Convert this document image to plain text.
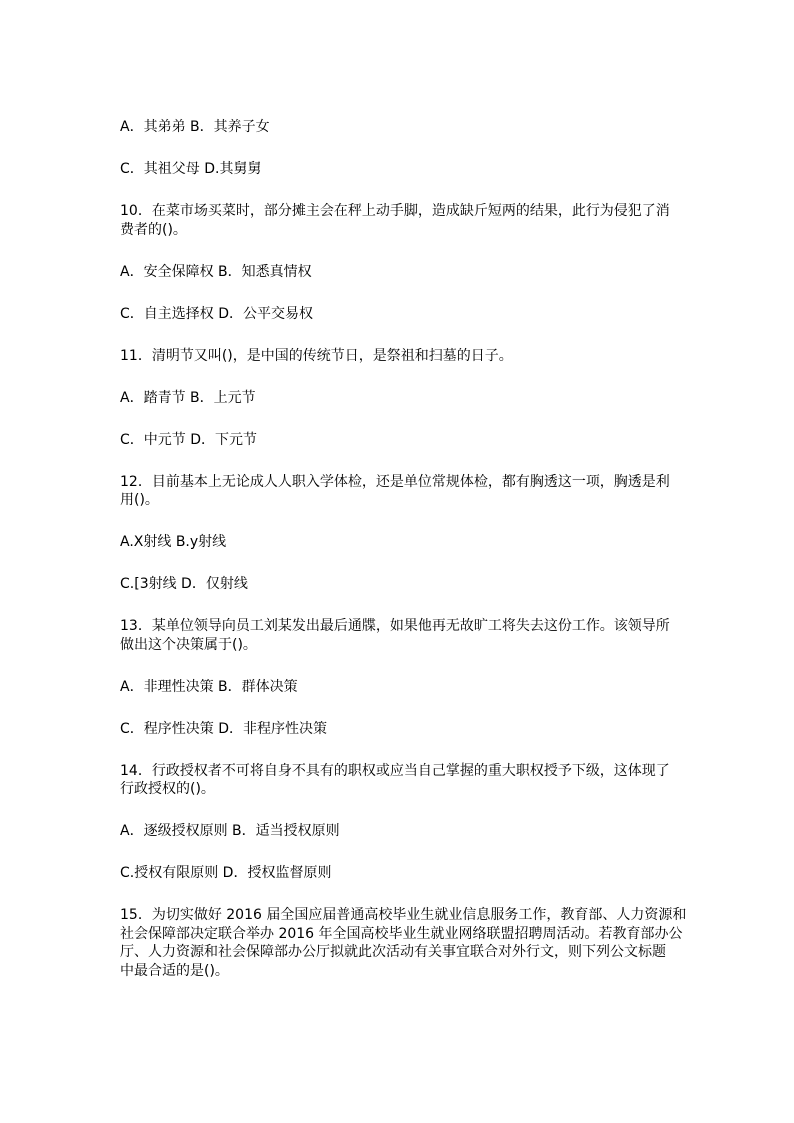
A．其弟弟 B．其养子女
C．其祖父母 D.其舅舅
10．在菜市场买菜时，部分摊主会在秤上动手脚，造成缺斤短两的结果，此行为侵犯了消
费者的()。
A．安全保障权 B．知悉真情权
C．自主选择权 D．公平交易权
11．清明节又叫()，是中国的传统节日，是祭祖和扫墓的日子。
A．踏青节 B．上元节
C．中元节 D．下元节
12．目前基本上无论成人人职入学体检，还是单位常规体检，都有胸透这一项，胸透是利
用()。
A.X射线 B.y射线
C.[3射线 D．仅射线
13．某单位领导向员工刘某发出最后通牒，如果他再无故旷工将失去这份工作。该领导所
做出这个决策属于()。
A．非理性决策 B．群体决策
C．程序性决策 D．非程序性决策
14．行政授权者不可将自身不具有的职权或应当自己掌握的重大职权授予下级，这体现了
行政授权的()。
A．逐级授权原则 B．适当授权原则
C.授权有限原则 D．授权监督原则
15．为切实做好 2016 届全国应届普通高校毕业生就业信息服务工作，教育部、人力资源和
社会保障部决定联合举办 2016 年全国高校毕业生就业网络联盟招聘周活动。若教育部办公
厅、人力资源和社会保障部办公厅拟就此次活动有关事宜联合对外行文，则下列公文标题
中最合适的是()。
